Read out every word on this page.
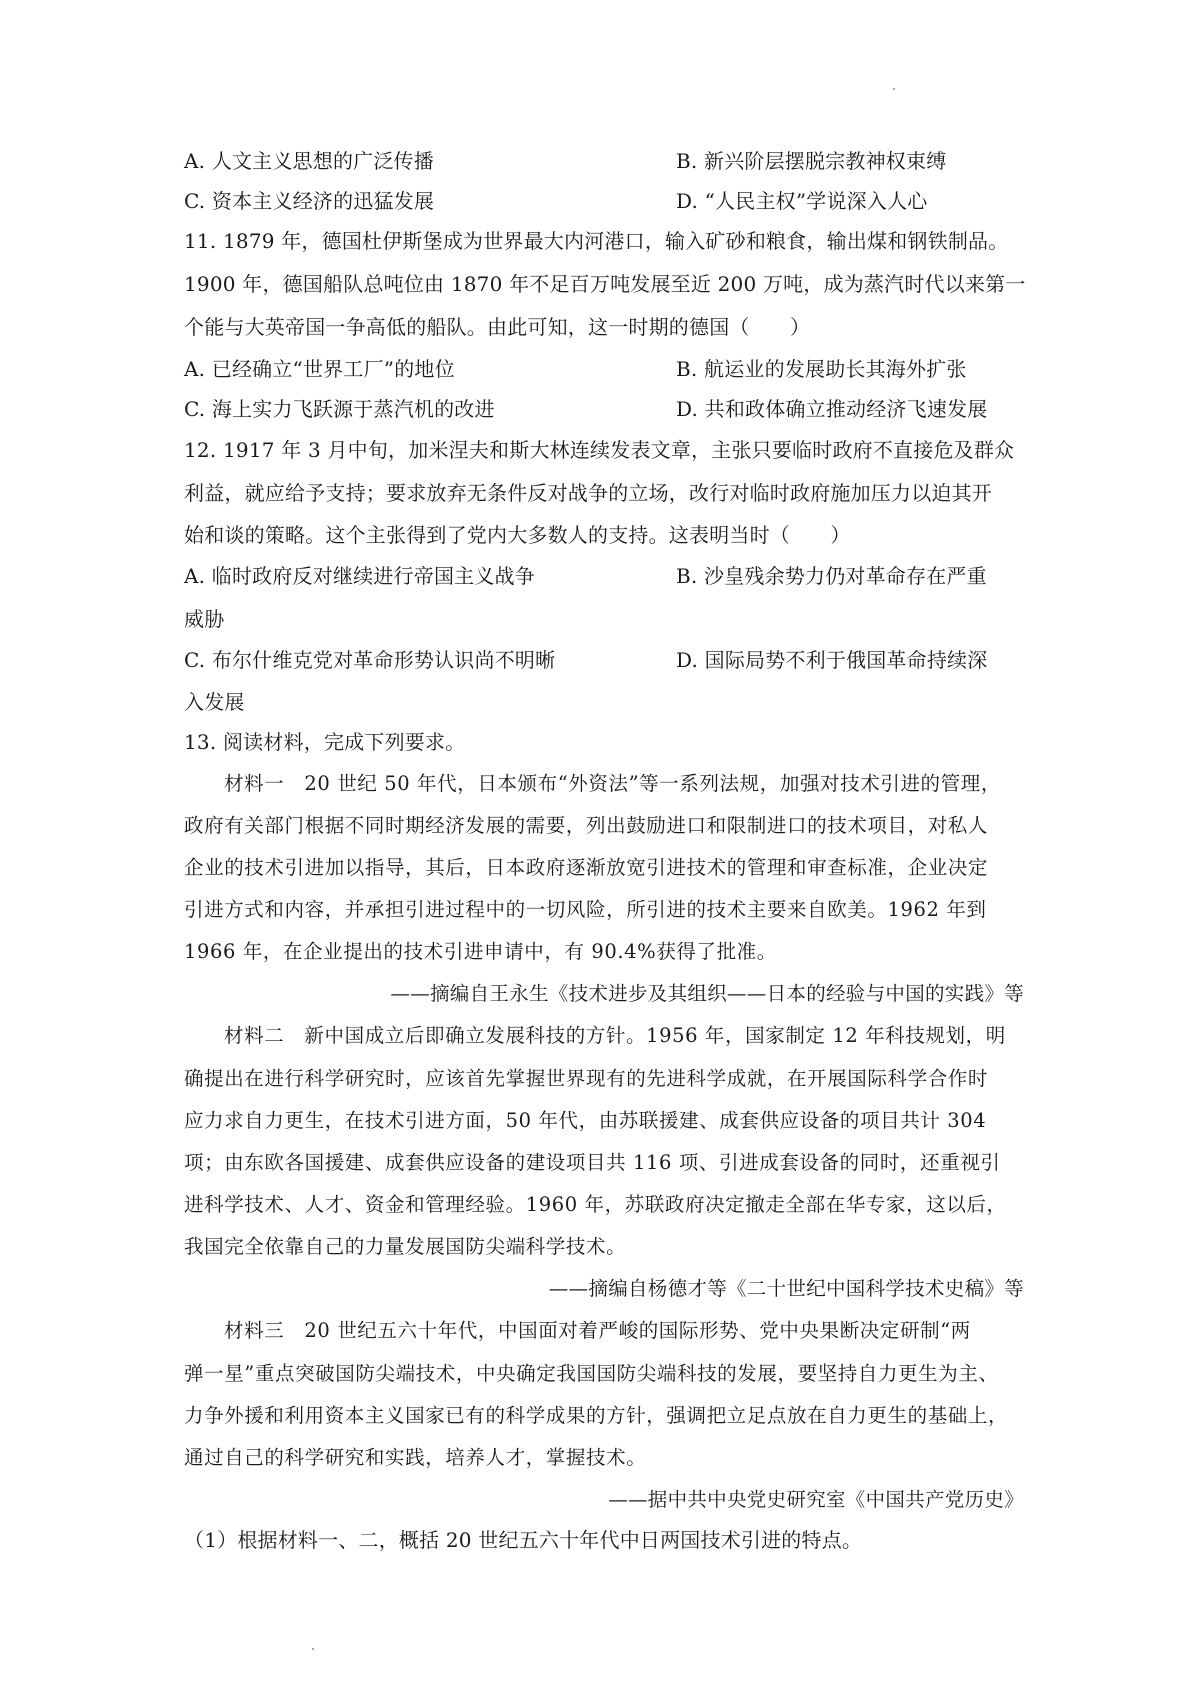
A. 人文主义思想的广泛传播	B. 新兴阶层摆脱宗教神权束缚
C. 资本主义经济的迅猛发展	D. “人民主权”学说深入人心
11. 1879 年，德国杜伊斯堡成为世界最大内河港口，输入矿砂和粮食，输出煤和钢铁制品。
1900 年，德国船队总吨位由 1870 年不足百万吨发展至近 200 万吨，成为蒸汽时代以来第一
个能与大英帝国一争高低的船队。由此可知，这一时期的德国（　　）
A. 已经确立“世界工厂”的地位	B. 航运业的发展助长其海外扩张
C. 海上实力飞跃源于蒸汽机的改进	D. 共和政体确立推动经济飞速发展
12. 1917 年 3 月中旬，加米涅夫和斯大林连续发表文章，主张只要临时政府不直接危及群众
利益，就应给予支持；要求放弃无条件反对战争的立场，改行对临时政府施加压力以迫其开
始和谈的策略。这个主张得到了党内大多数人的支持。这表明当时（　　）
A. 临时政府反对继续进行帝国主义战争	B. 沙皇残余势力仍对革命存在严重
威胁
C. 布尔什维克党对革命形势认识尚不明晰	D. 国际局势不利于俄国革命持续深
入发展
13. 阅读材料，完成下列要求。
材料一　20 世纪 50 年代，日本颁布“外资法”等一系列法规，加强对技术引进的管理，
政府有关部门根据不同时期经济发展的需要，列出鼓励进口和限制进口的技术项目，对私人
企业的技术引进加以指导，其后，日本政府逐渐放宽引进技术的管理和审查标准，企业决定
引进方式和内容，并承担引进过程中的一切风险，所引进的技术主要来自欧美。1962 年到
1966 年，在企业提出的技术引进申请中，有 90.4%获得了批准。
——摘编自王永生《技术进步及其组织——日本的经验与中国的实践》等
材料二　新中国成立后即确立发展科技的方针。1956 年，国家制定 12 年科技规划，明
确提出在进行科学研究时，应该首先掌握世界现有的先进科学成就，在开展国际科学合作时
应力求自力更生，在技术引进方面，50 年代，由苏联援建、成套供应设备的项目共计 304
项；由东欧各国援建、成套供应设备的建设项目共 116 项、引进成套设备的同时，还重视引
进科学技术、人才、资金和管理经验。1960 年，苏联政府决定撤走全部在华专家，这以后，
我国完全依靠自己的力量发展国防尖端科学技术。
——摘编自杨德才等《二十世纪中国科学技术史稿》等
材料三　20 世纪五六十年代，中国面对着严峻的国际形势、党中央果断决定研制“两
弹一星”重点突破国防尖端技术，中央确定我国国防尖端科技的发展，要坚持自力更生为主、
力争外援和利用资本主义国家已有的科学成果的方针，强调把立足点放在自力更生的基础上，
通过自己的科学研究和实践，培养人才，掌握技术。
——据中共中央党史研究室《中国共产党历史》
（1）根据材料一、二，概括 20 世纪五六十年代中日两国技术引进的特点。
